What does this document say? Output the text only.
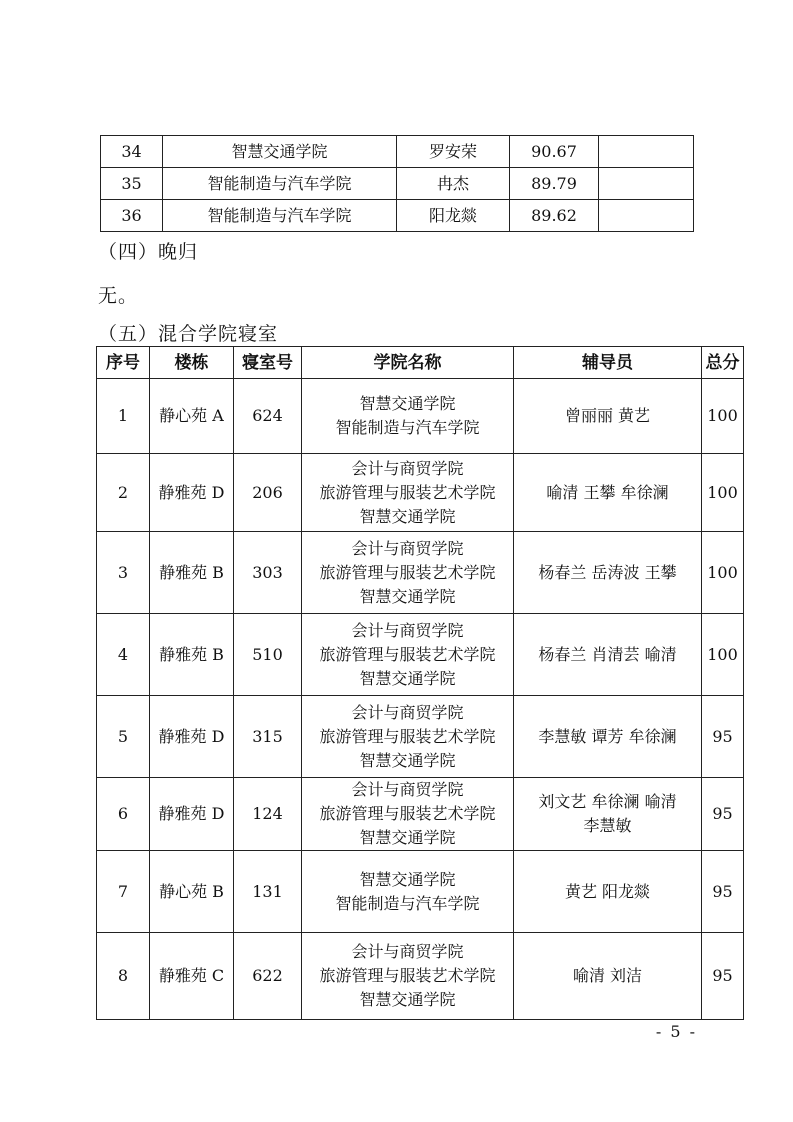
34	智慧交通学院	罗安荣	90.67	
35	智能制造与汽车学院	冉杰	89.79	
36	智能制造与汽车学院	阳龙燚	89.62	
（四）晚归
无。
（五）混合学院寝室
序号	楼栋	寝室号	学院名称	辅导员	总分
1	静心苑 A	624	智慧交通学院
智能制造与汽车学院	曾丽丽 黄艺	100
2	静雅苑 D	206	会计与商贸学院
旅游管理与服装艺术学院
智慧交通学院	喻清 王攀 牟徐澜	100
3	静雅苑 B	303	会计与商贸学院
旅游管理与服装艺术学院
智慧交通学院	杨春兰 岳涛波 王攀	100
4	静雅苑 B	510	会计与商贸学院
旅游管理与服装艺术学院
智慧交通学院	杨春兰 肖清芸 喻清	100
5	静雅苑 D	315	会计与商贸学院
旅游管理与服装艺术学院
智慧交通学院	李慧敏 谭芳 牟徐澜	95
6	静雅苑 D	124	会计与商贸学院
旅游管理与服装艺术学院
智慧交通学院	刘文艺 牟徐澜 喻清
李慧敏	95
7	静心苑 B	131	智慧交通学院
智能制造与汽车学院	黄艺 阳龙燚	95
8	静雅苑 C	622	会计与商贸学院
旅游管理与服装艺术学院
智慧交通学院	喻清 刘洁	95
- 5 -
